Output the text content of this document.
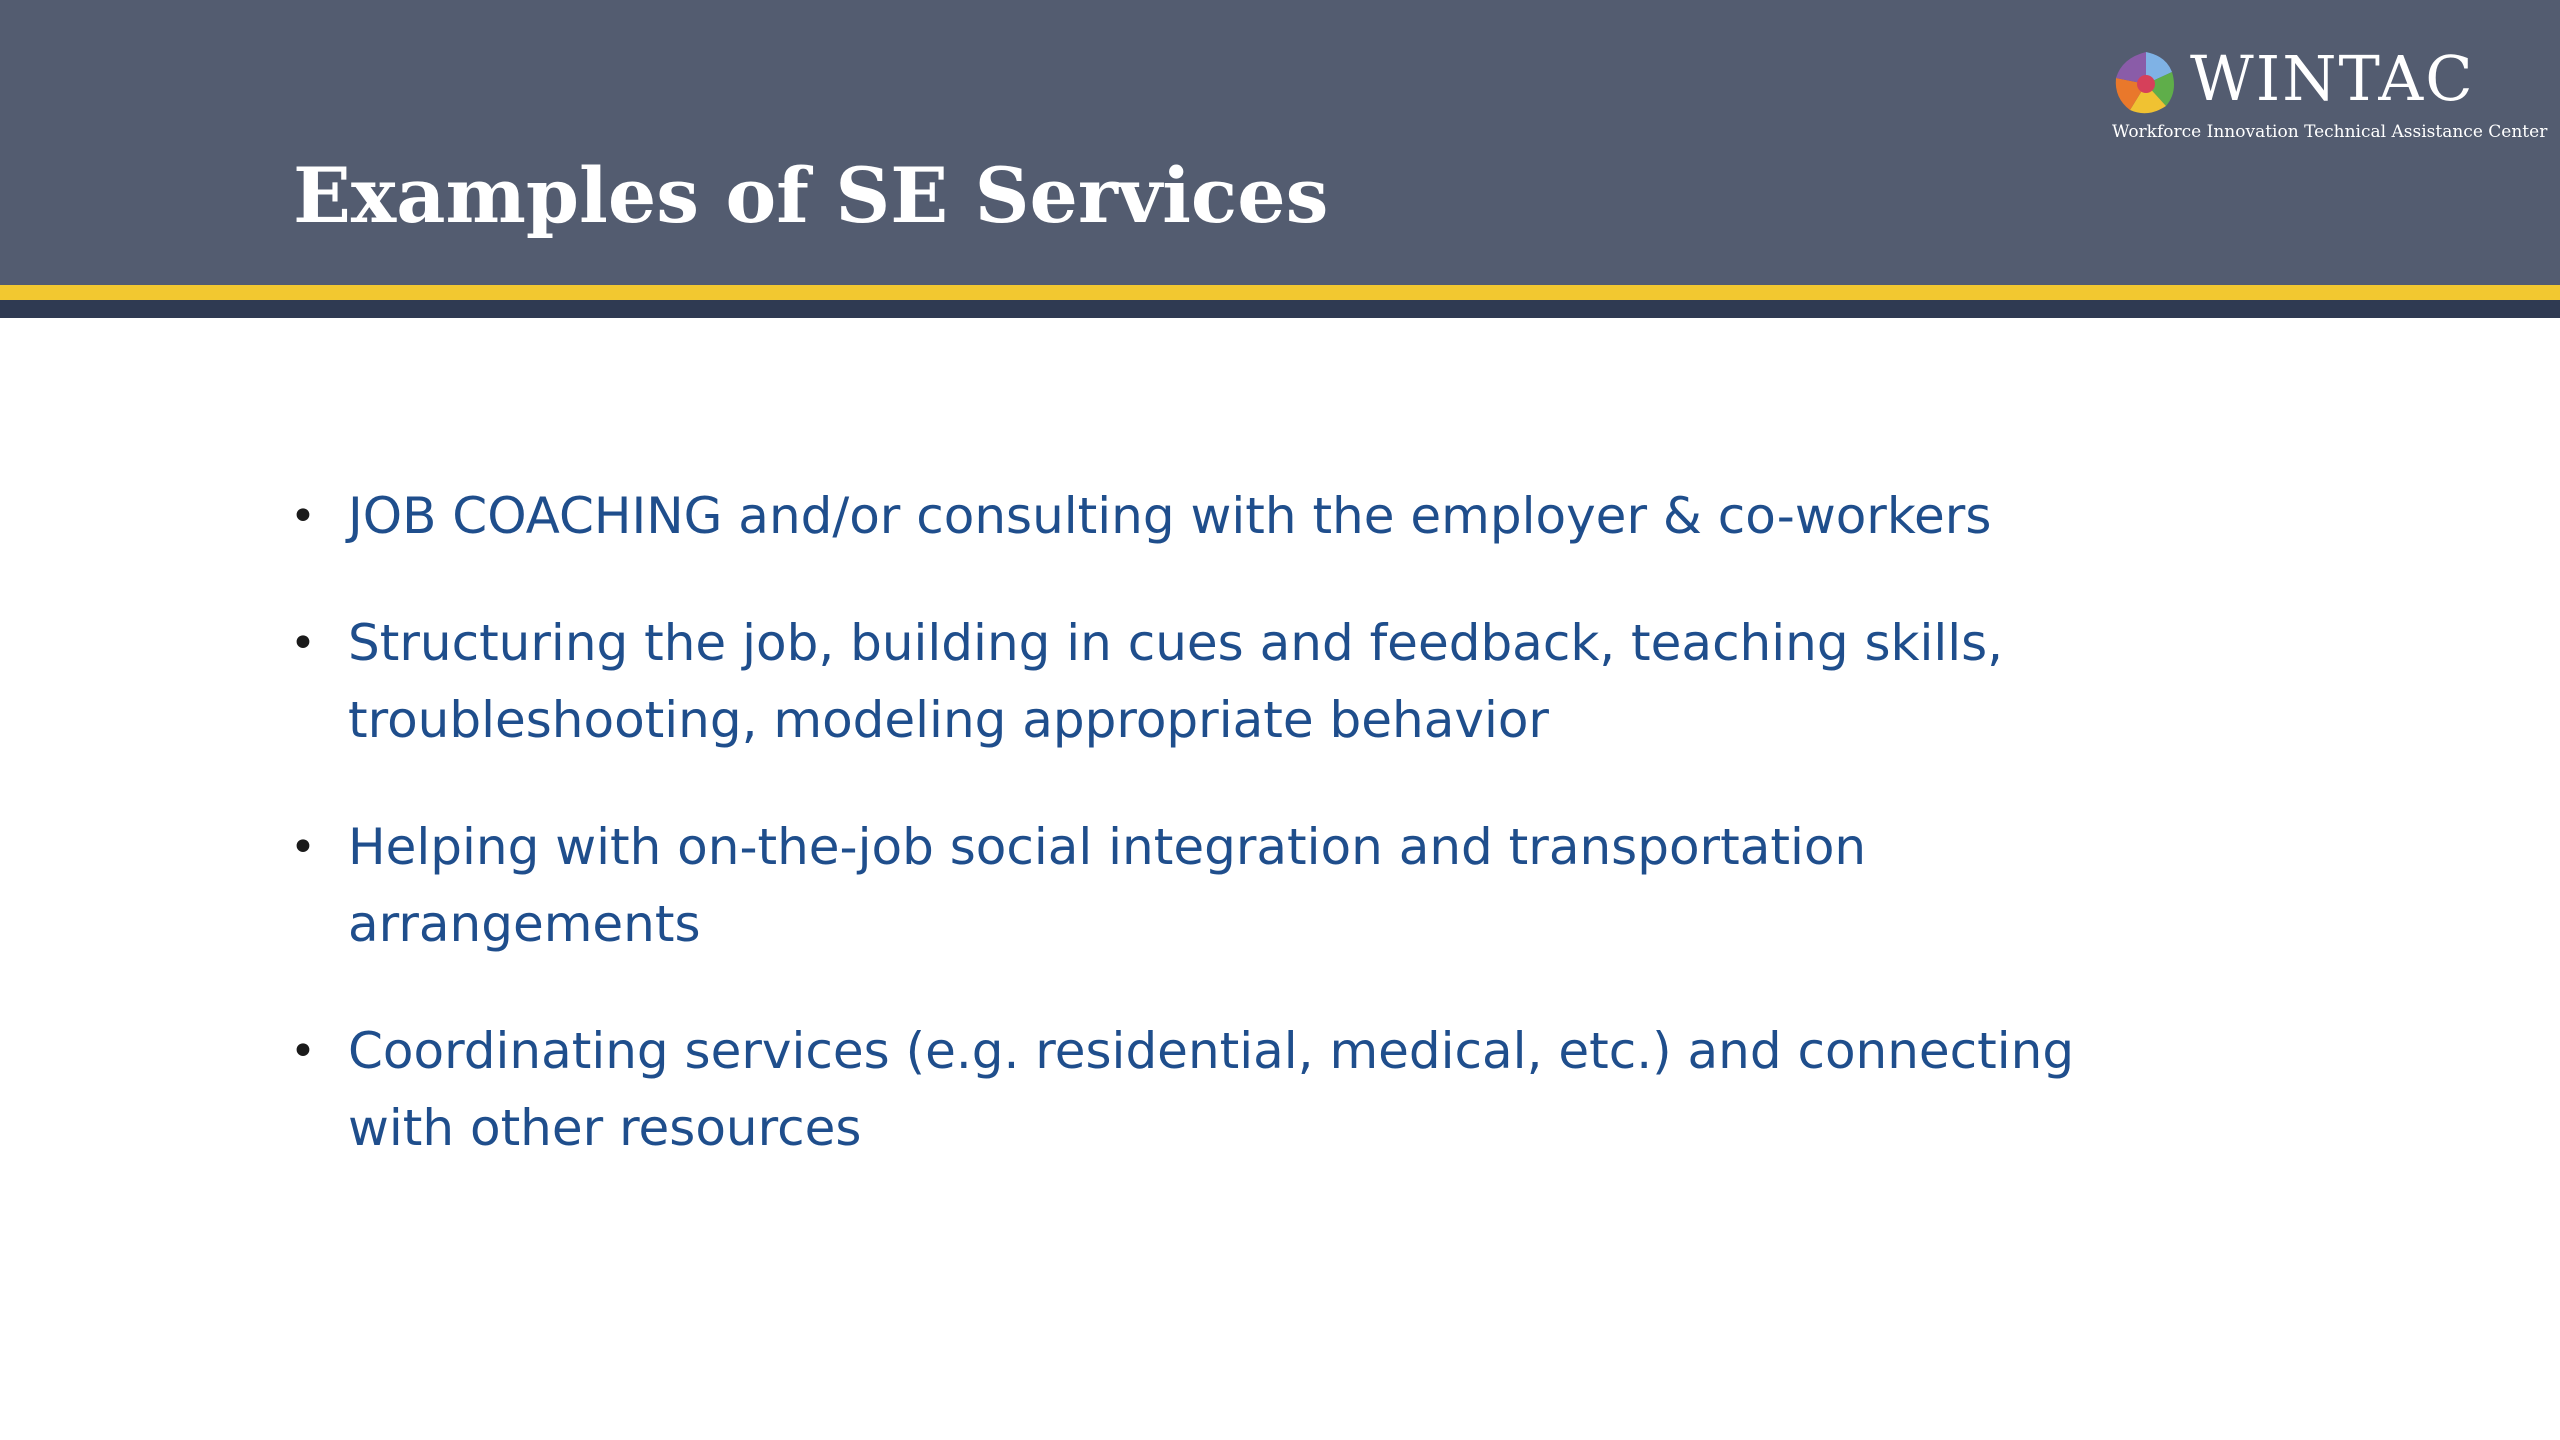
Examples of SE Services
WINTAC
Workforce Innovation Technical Assistance Center
• JOB COACHING and/or consulting with the employer & co-workers
• Structuring the job, building in cues and feedback, teaching skills, troubleshooting, modeling appropriate behavior
• Helping with on-the-job social integration and transportation arrangements
• Coordinating services (e.g. residential, medical, etc.) and connecting with other resources
